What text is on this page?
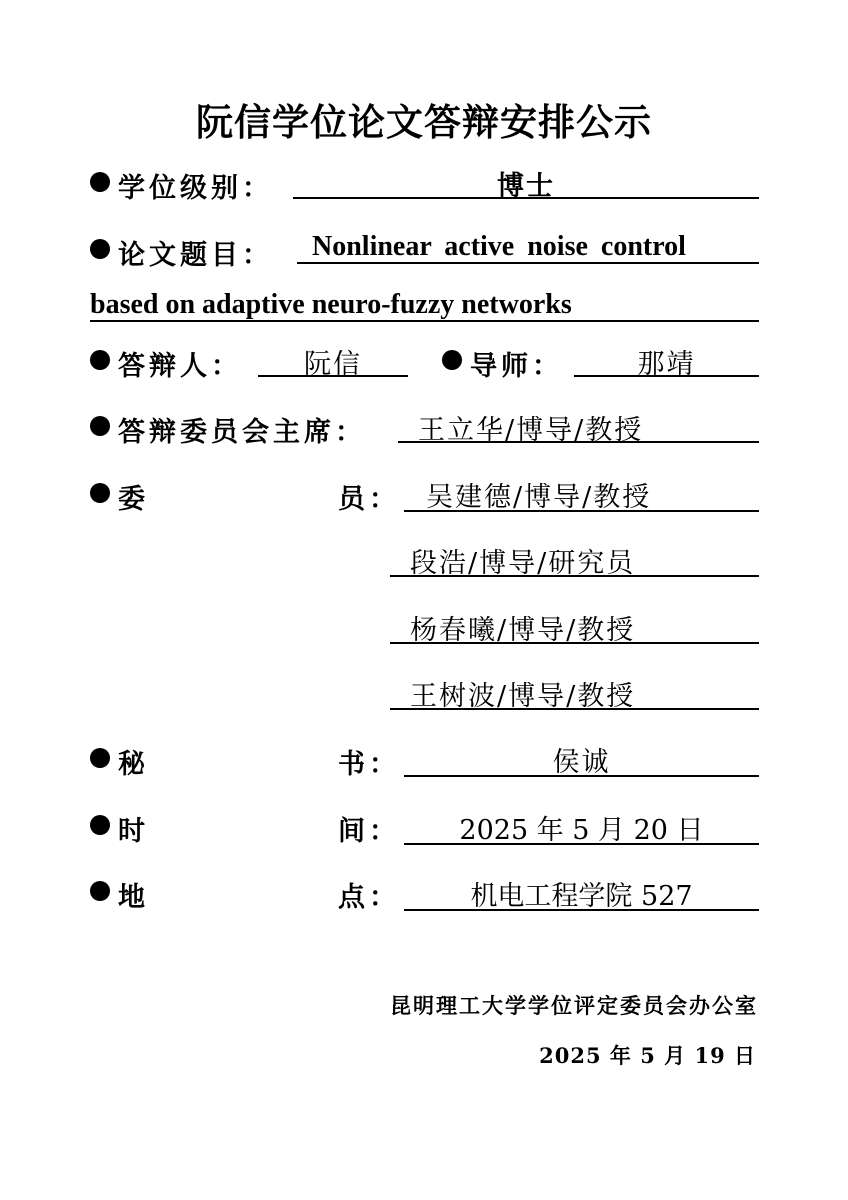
阮信学位论文答辩安排公示
学位级别：	博士
论文题目： Nonlinear active noise control
based on adaptive neuro-fuzzy networks
答辩人：	阮信	导师：	那靖
答辩委员会主席： 王立华/博导/教授
委	员： 吴建德/博导/教授
段浩/博导/研究员
杨春曦/博导/教授
王树波/博导/教授
秘	书：	侯诚
时	间：	2025 年 5 月 20 日
地	点：	机电工程学院 527
昆明理工大学学位评定委员会办公室
2025 年 5 月 19 日
